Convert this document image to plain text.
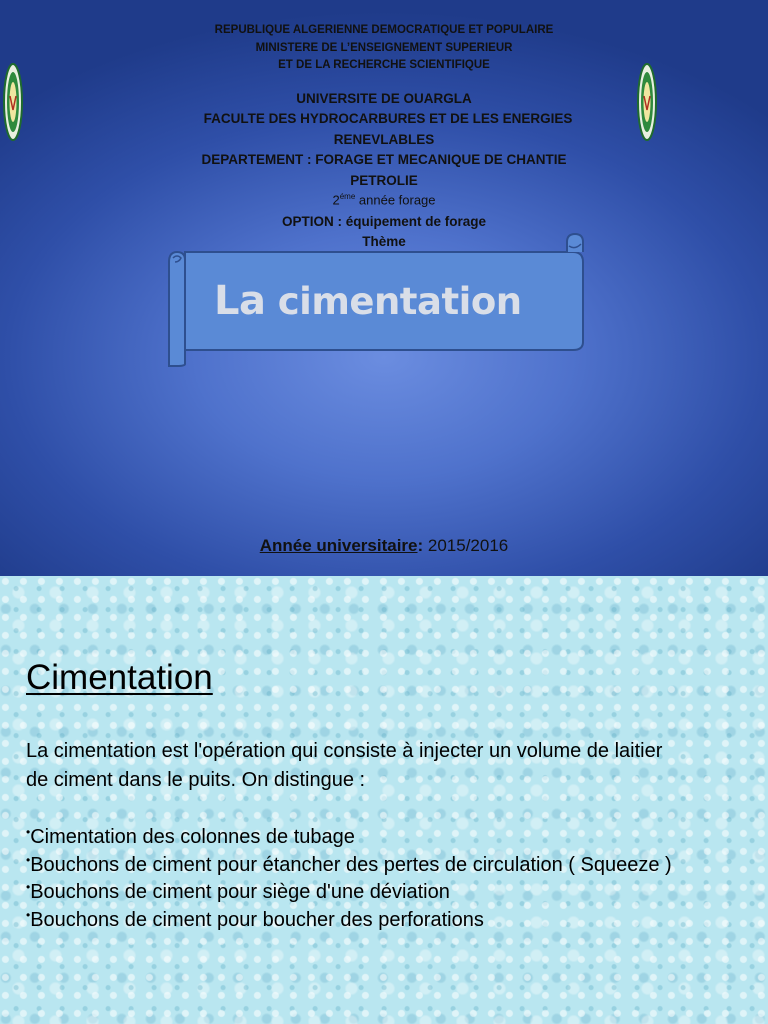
REPUBLIQUE ALGERIENNE DEMOCRATIQUE ET POPULAIRE
MINISTERE DE L’ENSEIGNEMENT SUPERIEUR
ET DE LA RECHERCHE SCIENTIFIQUE
UNIVERSITE DE OUARGLA
FACULTE DES HYDROCARBURES ET DE LES ENERGIES
RENEVLABLES
DEPARTEMENT : FORAGE ET MECANIQUE DE CHANTIE
PETROLIE
$2^{éme}$ année forage
OPTION : équipement de forage
Thème
La cimentation
Année universitaire: 2015/2016
Cimentation
La cimentation est l'opération qui consiste à injecter un volume de laitier
de ciment dans le puits. On distingue :
•Cimentation des colonnes de tubage
•Bouchons de ciment pour étancher des pertes de circulation ( Squeeze )
•Bouchons de ciment pour siège d'une déviation
•Bouchons de ciment pour boucher des perforations
